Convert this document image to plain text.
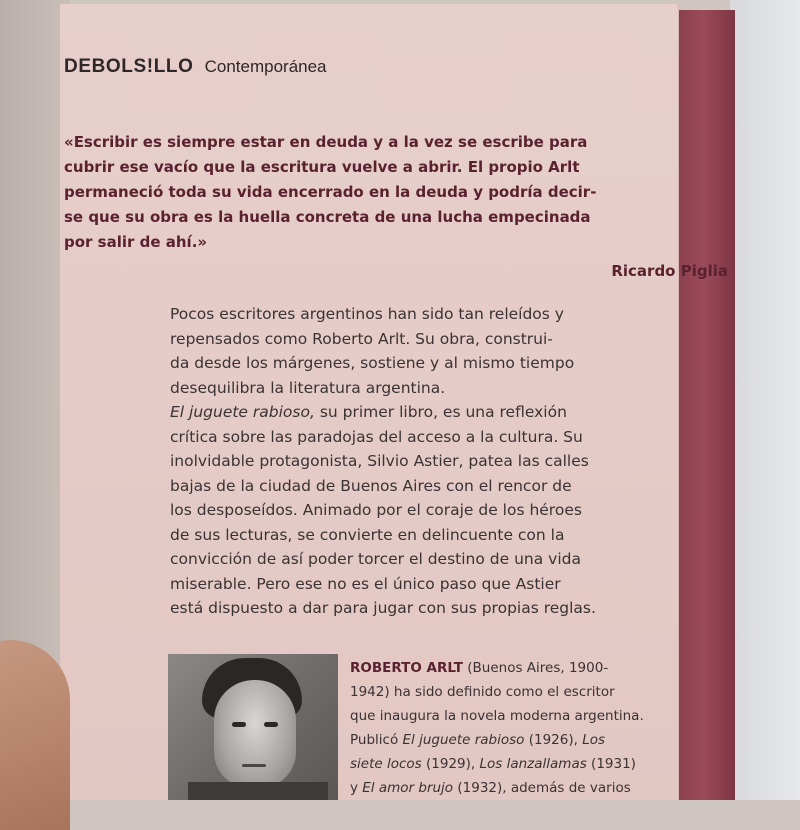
DEBOLS!LLO Contemporánea

«Escribir es siempre estar en deuda y a la vez se escribe para

cubrir ese vacío que la escritura vuelve a abrir. El propio Arlt

permaneció toda su vida encerrado en la deuda y podría decir-

se que su obra es la huella concreta de una lucha empecinada

por salir de ahí.»

Ricardo Piglia

Pocos escritores argentinos han sido tan releídos y

repensados como Roberto Arlt. Su obra, construi-

da desde los márgenes, sostiene y al mismo tiempo

desequilibra la literatura argentina.

El juguete rabioso, su primer libro, es una reflexión

crítica sobre las paradojas del acceso a la cultura. Su

inolvidable protagonista, Silvio Astier, patea las calles

bajas de la ciudad de Buenos Aires con el rencor de

los desposeídos. Animado por el coraje de los héroes

de sus lecturas, se convierte en delincuente con la

convicción de así poder torcer el destino de una vida

miserable. Pero ese no es el único paso que Astier

está dispuesto a dar para jugar con sus propias reglas.

ROBERTO ARLT (Buenos Aires, 1900-

1942) ha sido definido como el escritor

que inaugura la novela moderna argentina.

Publicó El juguete rabioso (1926), Los

siete locos (1929), Los lanzallamas (1931)

y El amor brujo (1932), además de varios
